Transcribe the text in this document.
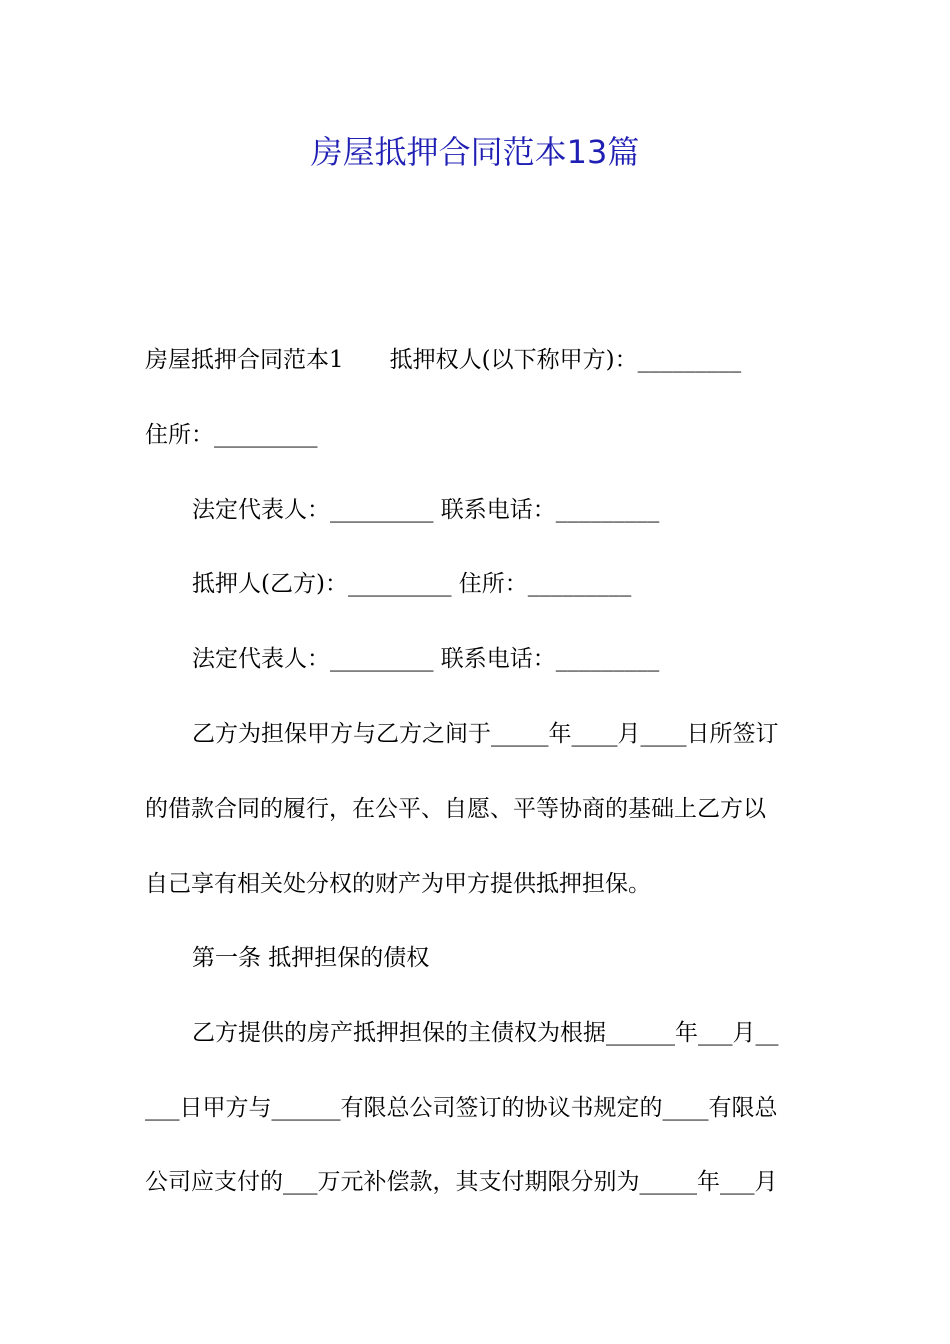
房屋抵押合同范本13篇
房屋抵押合同范本1　　抵押权人(以下称甲方)：_________
住所：_________
法定代表人：_________ 联系电话：_________
抵押人(乙方)：_________ 住所：_________
法定代表人：_________ 联系电话：_________
乙方为担保甲方与乙方之间于_____年____月____日所签订
的借款合同的履行，在公平、自愿、平等协商的基础上乙方以
自己享有相关处分权的财产为甲方提供抵押担保。
第一条 抵押担保的债权
乙方提供的房产抵押担保的主债权为根据______年___月__
___日甲方与______有限总公司签订的协议书规定的____有限总
公司应支付的___万元补偿款，其支付期限分别为_____年___月
